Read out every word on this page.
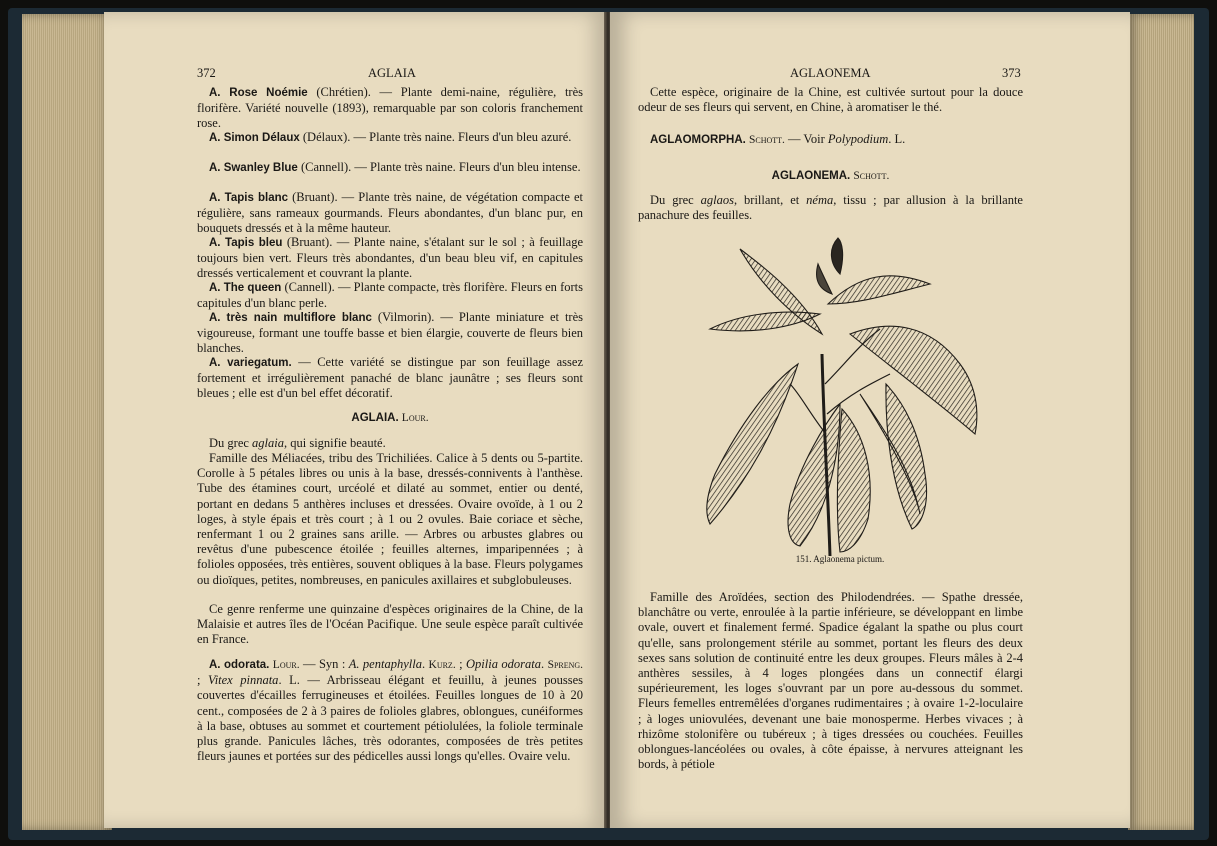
372	AGLAIA
A. Rose Noémie (Chrétien). — Plante demi-naine, régulière, très florifère. Variété nouvelle (1893), remarquable par son coloris franchement rose.
A. Simon Délaux (Délaux). — Plante très naine. Fleurs d'un bleu azuré.
A. Swanley Blue (Cannell). — Plante très naine. Fleurs d'un bleu intense.
A. Tapis blanc (Bruant). — Plante très naine, de végétation compacte et régulière, sans rameaux gourmands. Fleurs abondantes, d'un blanc pur, en bouquets dressés et à la même hauteur.
A. Tapis bleu (Bruant). — Plante naine, s'étalant sur le sol ; à feuillage toujours bien vert. Fleurs très abondantes, d'un beau bleu vif, en capitules dressés verticalement et couvrant la plante.
A. The queen (Cannell). — Plante compacte, très florifère. Fleurs en forts capitules d'un blanc perle.
A. très nain multiflore blanc (Vilmorin). — Plante miniature et très vigoureuse, formant une touffe basse et bien élargie, couverte de fleurs bien blanches.
A. variegatum. — Cette variété se distingue par son feuillage assez fortement et irrégulièrement panaché de blanc jaunâtre ; ses fleurs sont bleues ; elle est d'un bel effet décoratif.
AGLAIA. Lour.
Du grec aglaia, qui signifie beauté.
Famille des Méliacées, tribu des Trichiliées. Calice à 5 dents ou 5-partite. Corolle à 5 pétales libres ou unis à la base, dressés-connivents à l'anthèse. Tube des étamines court, urcéolé et dilaté au sommet, entier ou denté, portant en dedans 5 anthères incluses et dressées. Ovaire ovoïde, à 1 ou 2 loges, à style épais et très court ; à 1 ou 2 ovules. Baie coriace et sèche, renfermant 1 ou 2 graines sans arille. — Arbres ou arbustes glabres ou revêtus d'une pubescence étoilée ; feuilles alternes, imparipennées ; à folioles opposées, très entières, souvent obliques à la base. Fleurs polygames ou dioïques, petites, nombreuses, en panicules axillaires et subglobuleuses.
Ce genre renferme une quinzaine d'espèces originaires de la Chine, de la Malaisie et autres îles de l'Océan Pacifique. Une seule espèce paraît cultivée en France.
A. odorata. Lour. — Syn : A. pentaphylla. Kurz. ; Opilia odorata. Spreng. ; Vitex pinnata. L. — Arbrisseau élégant et feuillu, à jeunes pousses couvertes d'écailles ferrugineuses et étoilées. Feuilles longues de 10 à 20 cent., composées de 2 à 3 paires de folioles glabres, oblongues, cunéiformes à la base, obtuses au sommet et courtement pétiolulées, la foliole terminale plus grande. Panicules lâches, très odorantes, composées de très petites fleurs jaunes et portées sur des pédicelles aussi longs qu'elles. Ovaire velu.
AGLAONEMA	373
Cette espèce, originaire de la Chine, est cultivée surtout pour la douce odeur de ses fleurs qui servent, en Chine, à aromatiser le thé.
AGLAOMORPHA. Schott. — Voir Polypodium. L.
AGLAONEMA. Schott.
Du grec aglaos, brillant, et néma, tissu ; par allusion à la brillante panachure des feuilles.
151. Aglaonema pictum.
Famille des Aroïdées, section des Philodendrées. — Spathe dressée, blanchâtre ou verte, enroulée à la partie inférieure, se développant en limbe ovale, ouvert et finalement fermé. Spadice égalant la spathe ou plus court qu'elle, sans prolongement stérile au sommet, portant les fleurs des deux sexes sans solution de continuité entre les deux groupes. Fleurs mâles à 2-4 anthères sessiles, à 4 loges plongées dans un connectif élargi supérieurement, les loges s'ouvrant par un pore au-dessous du sommet. Fleurs femelles entremêlées d'organes rudimentaires ; à ovaire 1-2-loculaire ; à loges uniovulées, devenant une baie monosperme. Herbes vivaces ; à rhizôme stolonifère ou tubéreux ; à tiges dressées ou couchées. Feuilles oblongues-lancéolées ou ovales, à côte épaisse, à nervures atteignant les bords, à pétiole
